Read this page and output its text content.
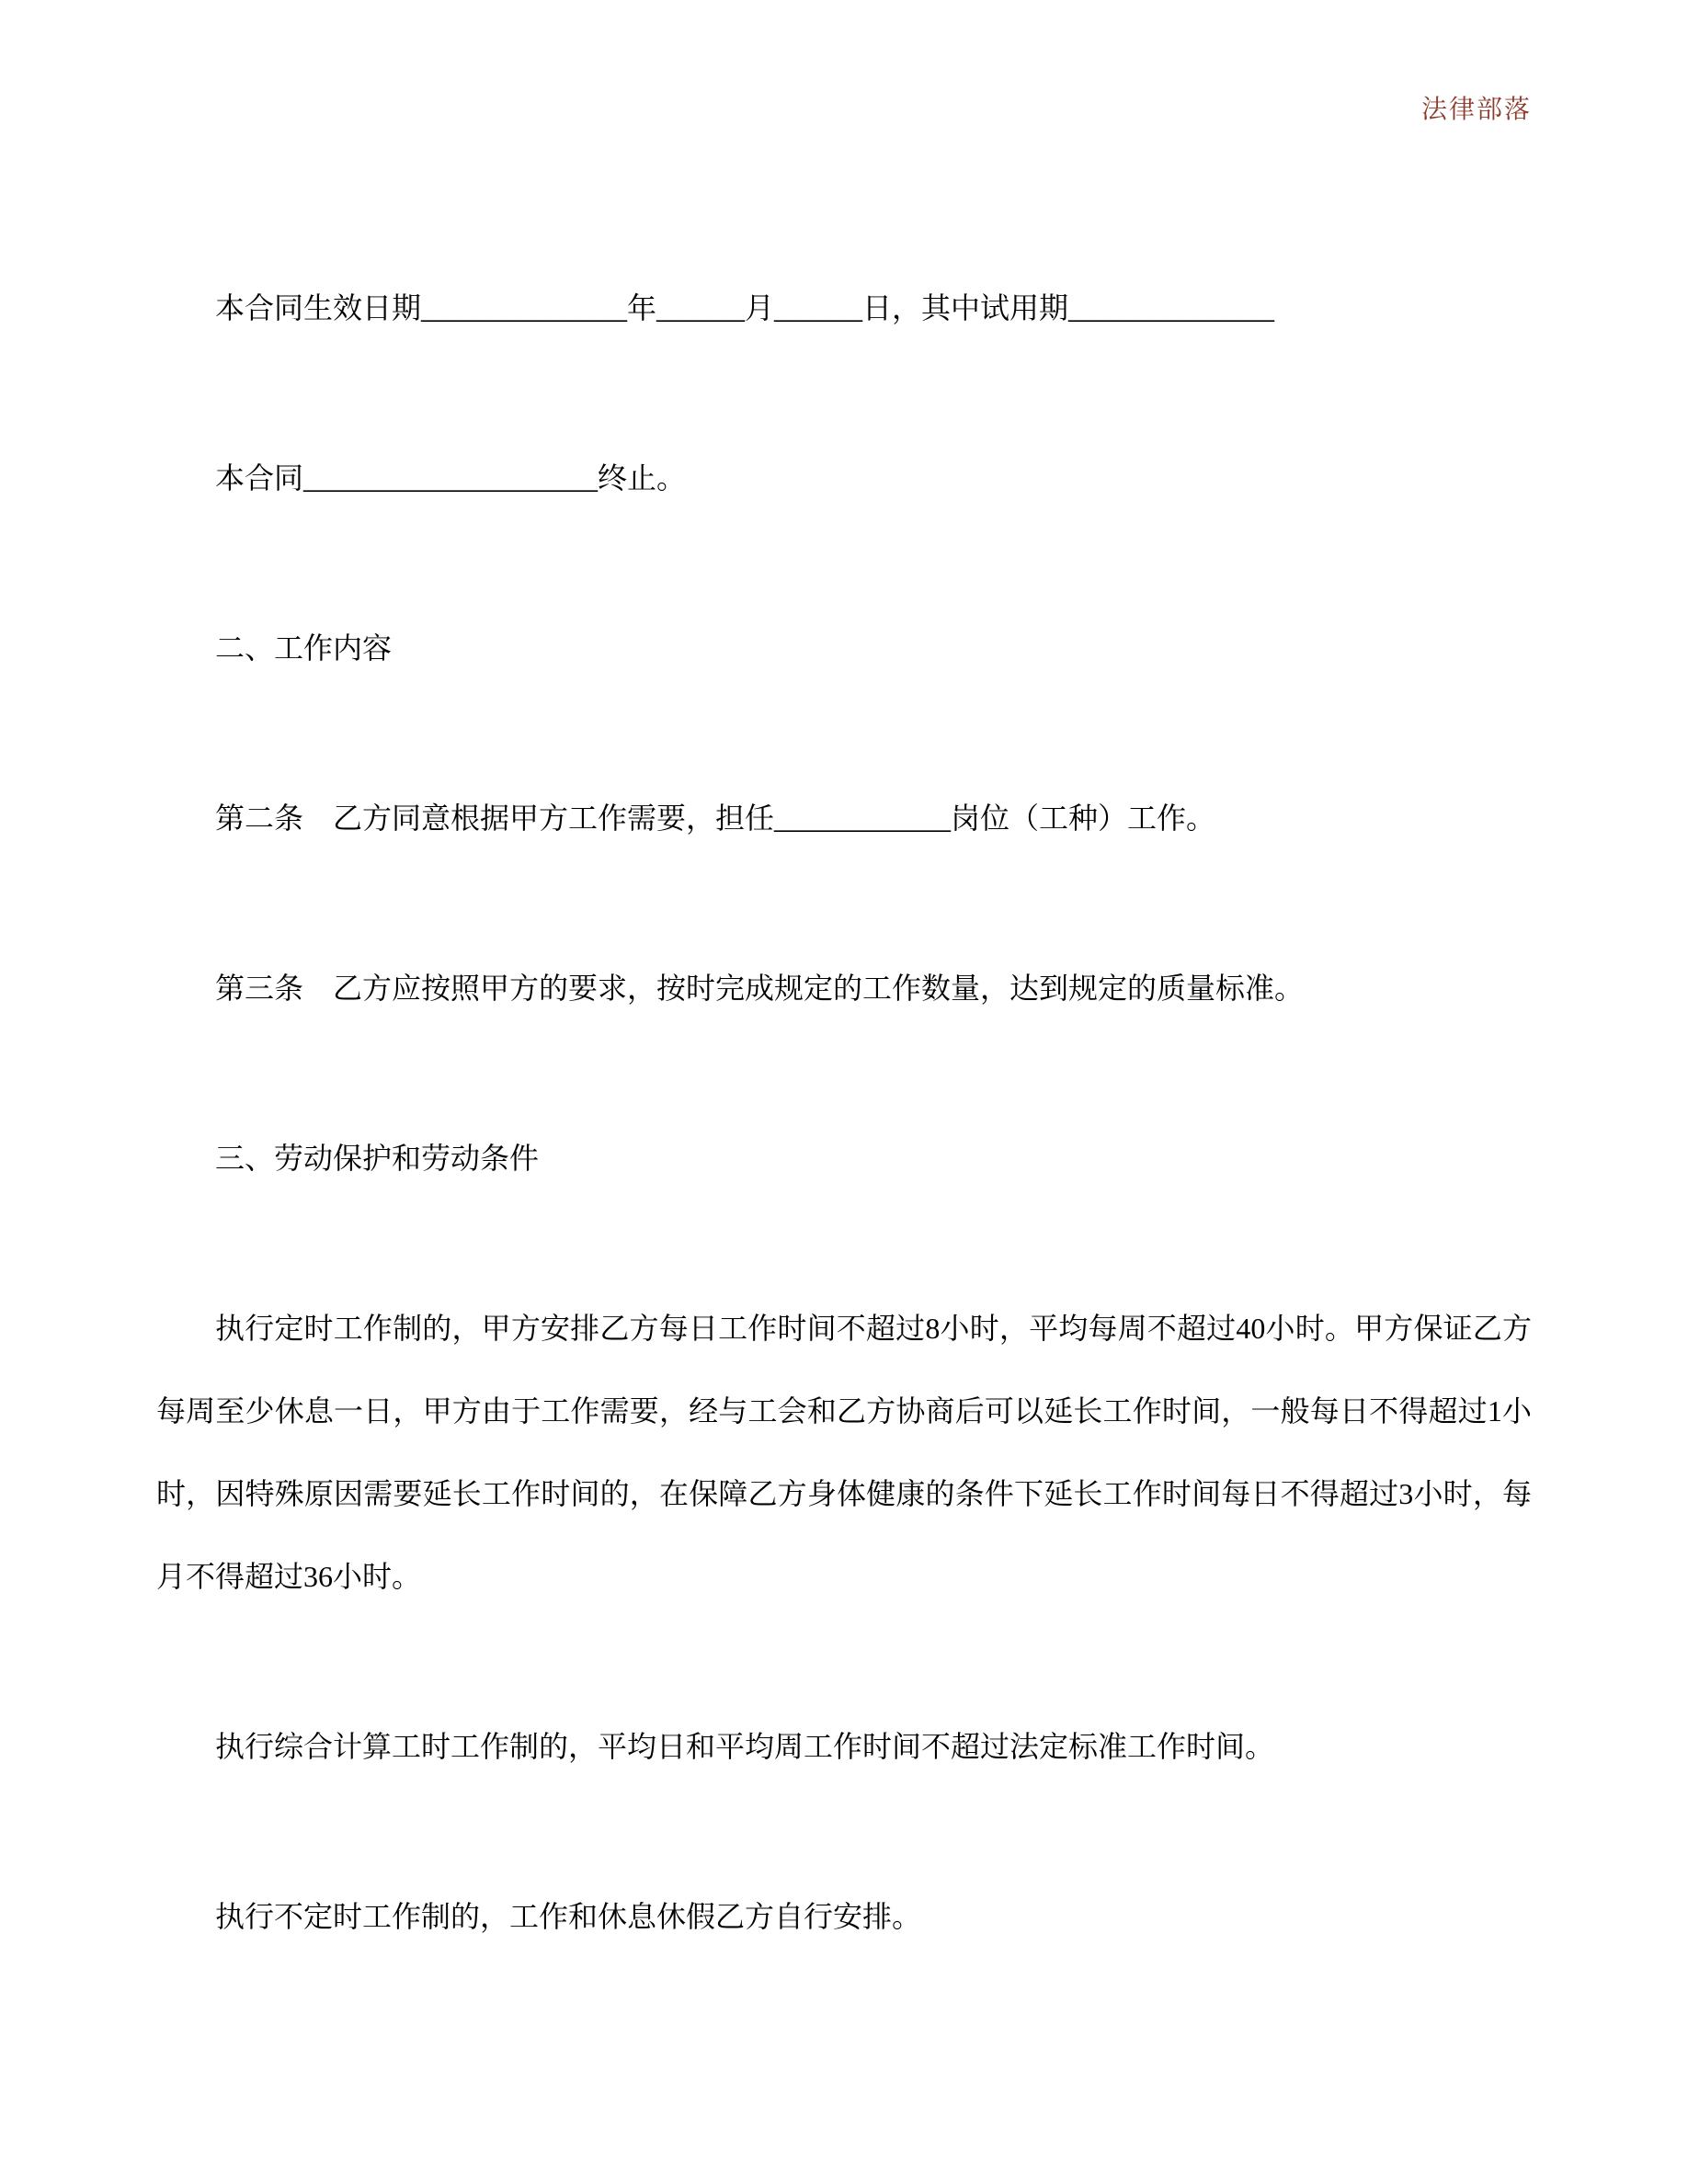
法律部落
本合同生效日期______________年______月______日，其中试用期______________
本合同____________________终止。
二、工作内容
第二条　乙方同意根据甲方工作需要，担任____________岗位（工种）工作。
第三条　乙方应按照甲方的要求，按时完成规定的工作数量，达到规定的质量标准。
三、劳动保护和劳动条件
执行定时工作制的，甲方安排乙方每日工作时间不超过8小时，平均每周不超过40小时。甲方保证乙方每周至少休息一日，甲方由于工作需要，经与工会和乙方协商后可以延长工作时间，一般每日不得超过1小时，因特殊原因需要延长工作时间的，在保障乙方身体健康的条件下延长工作时间每日不得超过3小时，每月不得超过36小时。
执行综合计算工时工作制的，平均日和平均周工作时间不超过法定标准工作时间。
执行不定时工作制的，工作和休息休假乙方自行安排。
